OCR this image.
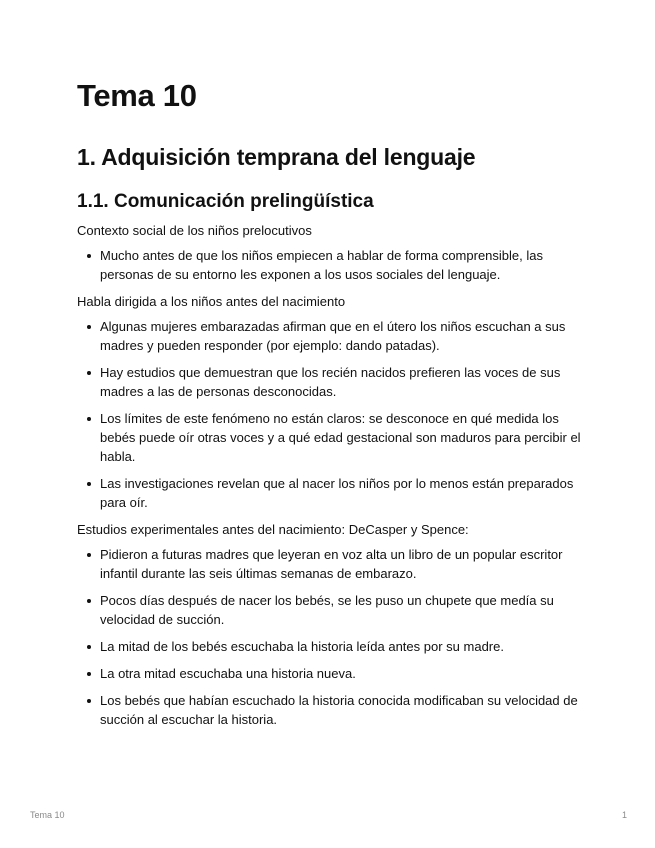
Tema 10
1. Adquisición temprana del lenguaje
1.1. Comunicación prelingüística

Contexto social de los niños prelocutivos

Mucho antes de que los niños empiecen a hablar de forma comprensible, las personas de su entorno les exponen a los usos sociales del lenguaje.

Habla dirigida a los niños antes del nacimiento

Algunas mujeres embarazadas afirman que en el útero los niños escuchan a sus madres y pueden responder (por ejemplo: dando patadas).
Hay estudios que demuestran que los recién nacidos prefieren las voces de sus madres a las de personas desconocidas.
Los límites de este fenómeno no están claros: se desconoce en qué medida los bebés puede oír otras voces y a qué edad gestacional son maduros para percibir el habla.
Las investigaciones revelan que al nacer los niños por lo menos están preparados para oír.

Estudios experimentales antes del nacimiento: DeCasper y Spence:

Pidieron a futuras madres que leyeran en voz alta un libro de un popular escritor infantil durante las seis últimas semanas de embarazo.
Pocos días después de nacer los bebés, se les puso un chupete que medía su velocidad de succión.
La mitad de los bebés escuchaba la historia leída antes por su madre.
La otra mitad escuchaba una historia nueva.
Los bebés que habían escuchado la historia conocida modificaban su velocidad de succión al escuchar la historia.
Tema 10	1
